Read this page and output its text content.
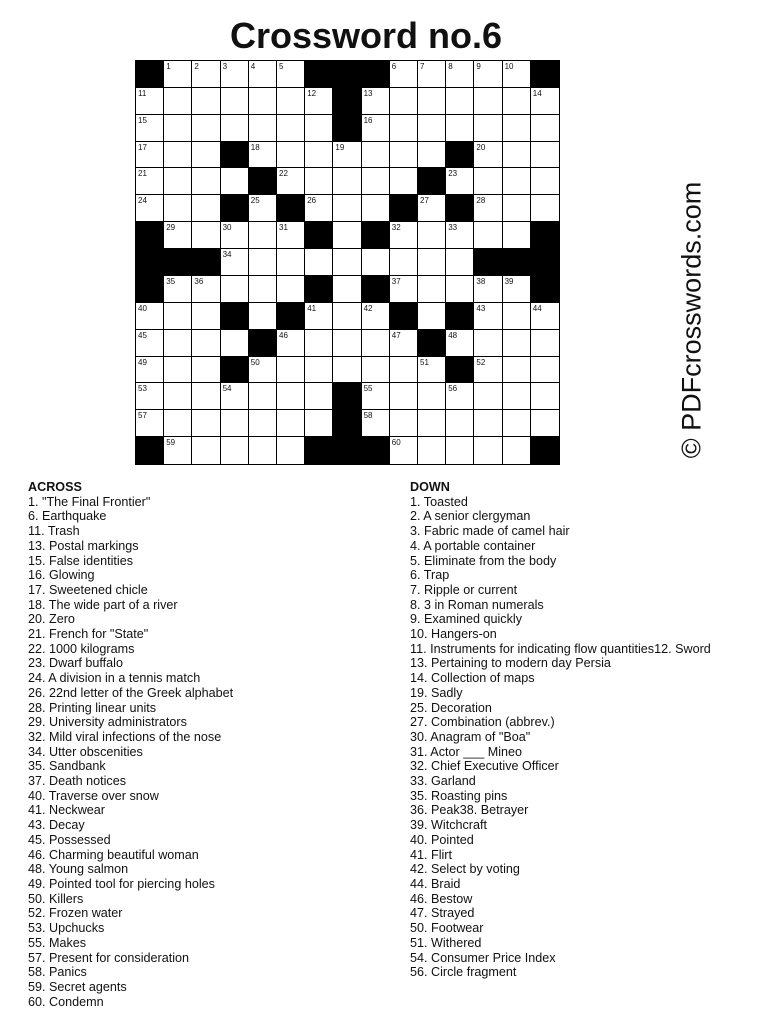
Crossword no.6
1	2	3	4	5	6	7	8	9	10
11	12	13	14
15	16
17	18	19	20
21	22	23
24	25	26	27	28
29	30	31	32	33
34
35 36	37	38 39
40	41	42	43	44
45	46	47	48
49	50	51	52
53	54	55	56
57	58
59	60	© PDFcrosswords.com
ACROSS
1. "The Final Frontier"
6. Earthquake
11. Trash
13. Postal markings
15. False identities
16. Glowing
17. Sweetened chicle
18. The wide part of a river
20. Zero
21. French for "State"
22. 1000 kilograms
23. Dwarf buffalo
24. A division in a tennis match
26. 22nd letter of the Greek alphabet
28. Printing linear units
29. University administrators
32. Mild viral infections of the nose
34. Utter obscenities
35. Sandbank
37. Death notices
40. Traverse over snow
41. Neckwear
43. Decay
45. Possessed
46. Charming beautiful woman
48. Young salmon
49. Pointed tool for piercing holes
50. Killers
52. Frozen water
53. Upchucks
55. Makes
57. Present for consideration
58. Panics
59. Secret agents
60. Condemn
DOWN
1. Toasted
2. A senior clergyman
3. Fabric made of camel hair
4. A portable container
5. Eliminate from the body
6. Trap
7. Ripple or current
8. 3 in Roman numerals
9. Examined quickly
10. Hangers-on
11. Instruments for indicating flow quantities12. Sword
13. Pertaining to modern day Persia
14. Collection of maps
19. Sadly
25. Decoration
27. Combination (abbrev.)
30. Anagram of "Boa"
31. Actor ___ Mineo
32. Chief Executive Officer
33. Garland
35. Roasting pins
36. Peak38. Betrayer
39. Witchcraft
40. Pointed
41. Flirt
42. Select by voting
44. Braid
46. Bestow
47. Strayed
50. Footwear
51. Withered
54. Consumer Price Index
56. Circle fragment
